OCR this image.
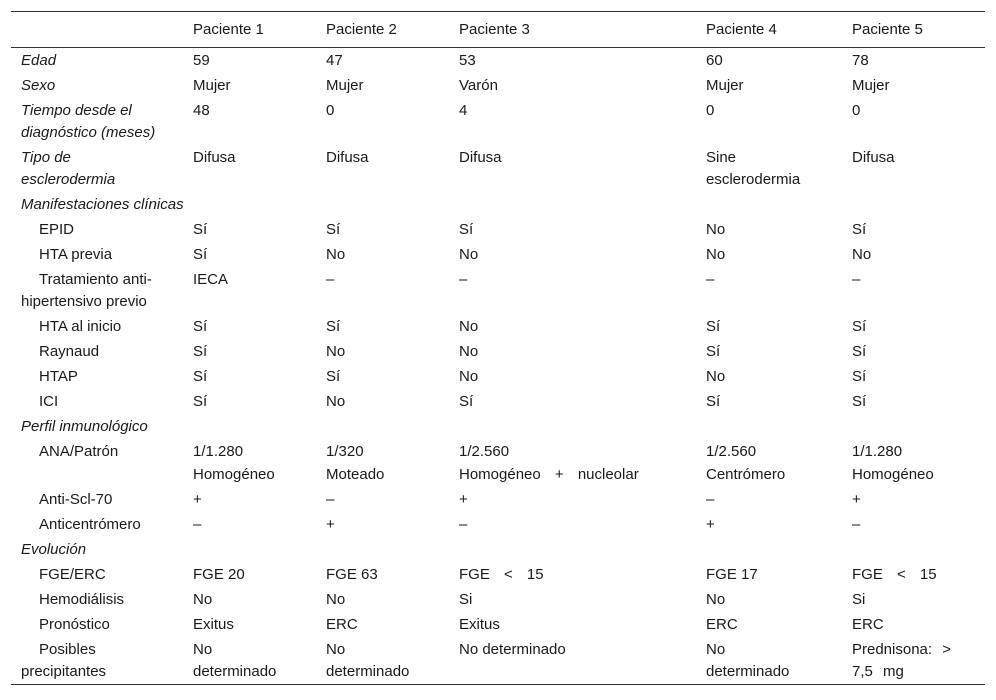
	Paciente 1	Paciente 2	Paciente 3	Paciente 4	Paciente 5
Edad	59	47	53	60	78
Sexo	Mujer	Mujer	Varón	Mujer	Mujer
Tiempo desde el diagnóstico (meses)	48	0	4	0	0
Tipo de esclerodermia	Difusa	Difusa	Difusa	Sine esclerodermia	Difusa
Manifestaciones clínicas					
EPID	Sí	Sí	Sí	No	Sí
HTA previa	Sí	No	No	No	No
Tratamiento anti-hipertensivo previo	IECA	–	–	–	–
HTA al inicio	Sí	Sí	No	Sí	Sí
Raynaud	Sí	No	No	Sí	Sí
HTAP	Sí	Sí	No	No	Sí
ICI	Sí	No	Sí	Sí	Sí
Perfil inmunológico					
ANA/Patrón	1/1.280	1/320	1/2.560	1/2.560	1/1.280
	Homogéneo	Moteado	Homogéneo + nucleolar	Centrómero	Homogéneo
Anti-Scl-70	+	–	+	–	+
Anticentrómero	–	+	–	+	–
Evolución					
FGE/ERC	FGE 20	FGE 63	FGE < 15	FGE 17	FGE < 15
Hemodiálisis	No	No	Si	No	Si
Pronóstico	Exitus	ERC	Exitus	ERC	ERC
Posibles precipitantes	No determinado	No determinado	No determinado	No determinado	Prednisona: > 7,5 mg
